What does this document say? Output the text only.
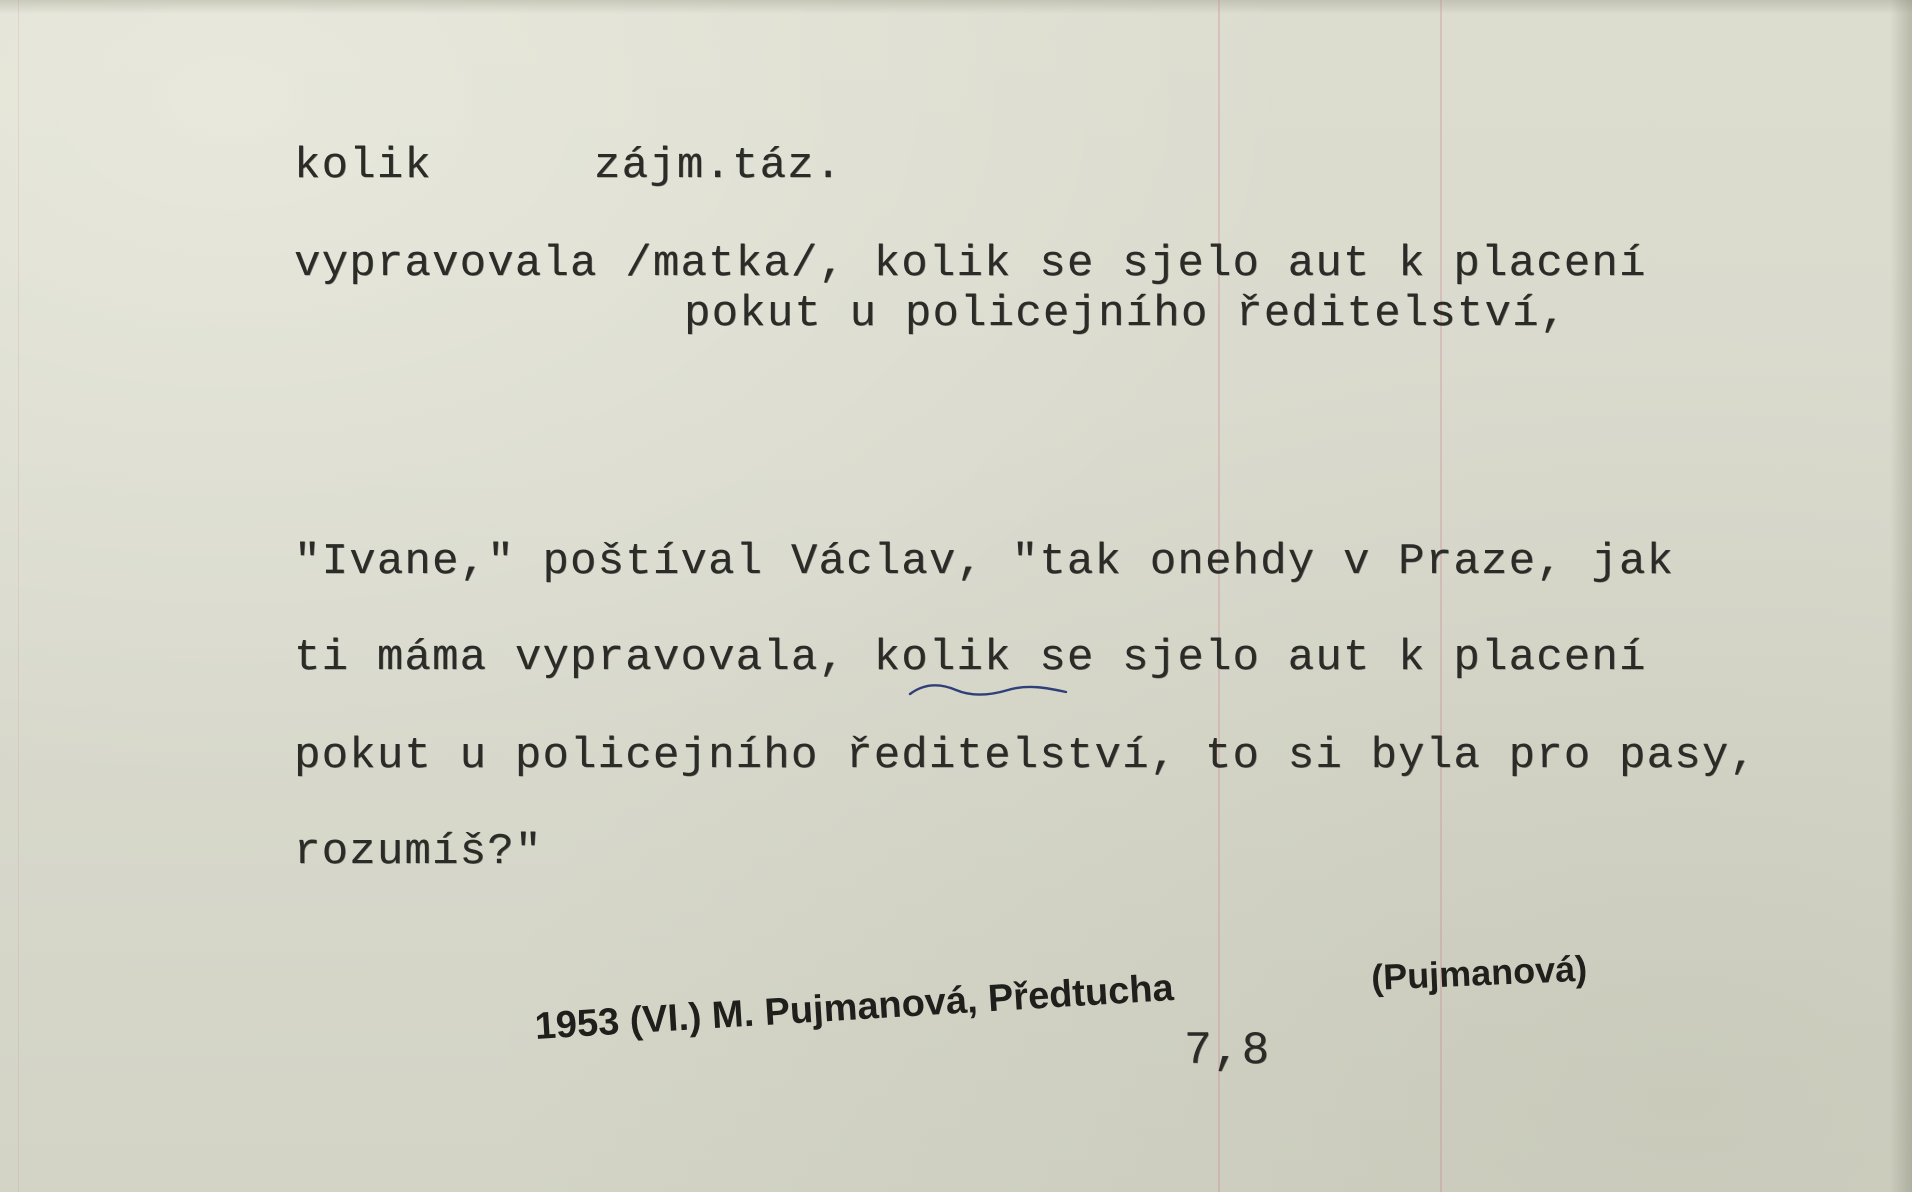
kolik	zájm.táz.

vypravovala /matka/, kolik se sjelo aut k placení

pokut u policejního ředitelství,

"Ivane," poštíval Václav, "tak onehdy v Praze, jak

ti máma vypravovala, kolik se sjelo aut k placení

pokut u policejního ředitelství, to si byla pro pasy,

rozumíš?"

1953 (VI.) M. Pujmanová, Předtucha

7,8

(Pujmanová)
